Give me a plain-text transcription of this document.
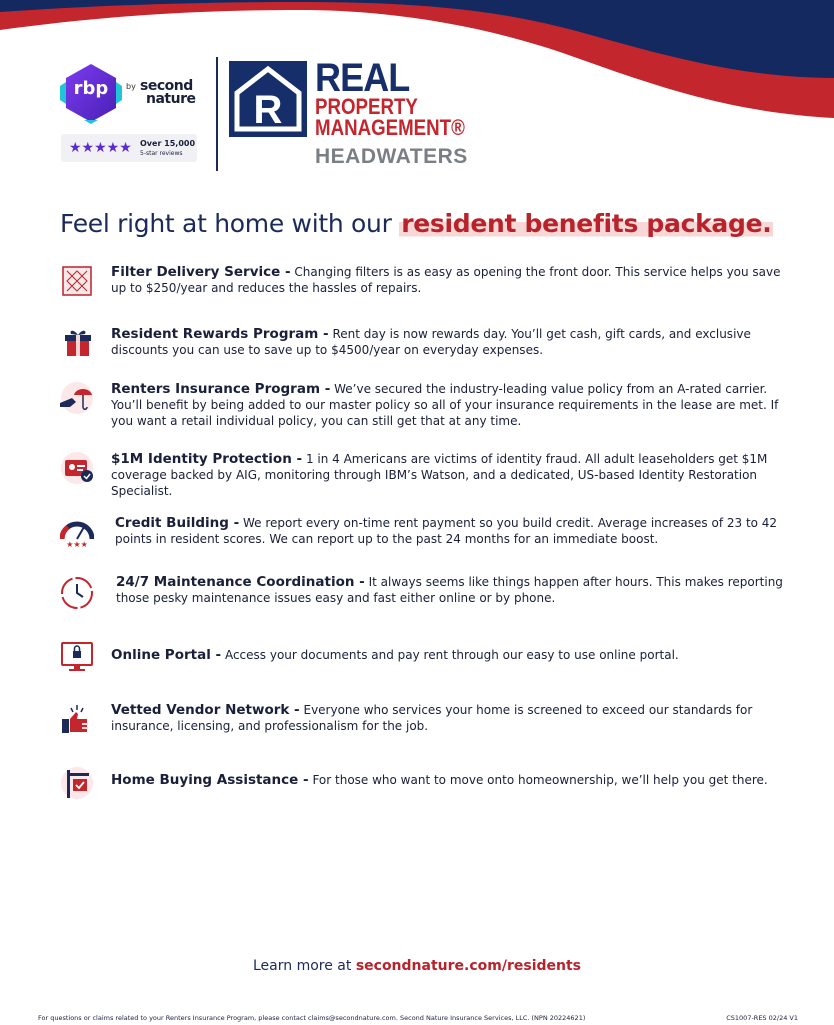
rbp	by second
nature
★★★★★ Over 15,000
5-star reviews
R
REAL
PROPERTY
MANAGEMENT®
HEADWATERS
Feel right at home with our resident benefits package.
Filter Delivery Service - Changing filters is as easy as opening the front door. This service helps you save up to $250/year and reduces the hassles of repairs.
Resident Rewards Program - Rent day is now rewards day. You’ll get cash, gift cards, and exclusive discounts you can use to save up to $4500/year on everyday expenses.
Renters Insurance Program - We’ve secured the industry-leading value policy from an A-rated carrier. You’ll benefit by being added to our master policy so all of your insurance requirements in the lease are met. If you want a retail individual policy, you can still get that at any time.
$1M Identity Protection - 1 in 4 Americans are victims of identity fraud. All adult leaseholders get $1M coverage backed by AIG, monitoring through IBM’s Watson, and a dedicated, US-based Identity Restoration Specialist.
★★★
Credit Building - We report every on-time rent payment so you build credit. Average increases of 23 to 42 points in resident scores. We can report up to the past 24 months for an immediate boost.
24/7 Maintenance Coordination - It always seems like things happen after hours. This makes reporting those pesky maintenance issues easy and fast either online or by phone.
Online Portal - Access your documents and pay rent through our easy to use online portal.
Vetted Vendor Network - Everyone who services your home is screened to exceed our standards for insurance, licensing, and professionalism for the job.
Home Buying Assistance - For those who want to move onto homeownership, we’ll help you get there.
Learn more at secondnature.com/residents
For questions or claims related to your Renters Insurance Program, please contact claims@secondnature.com. Second Nature Insurance Services, LLC. (NPN 20224621)	CS1007-RES 02/24 V1
